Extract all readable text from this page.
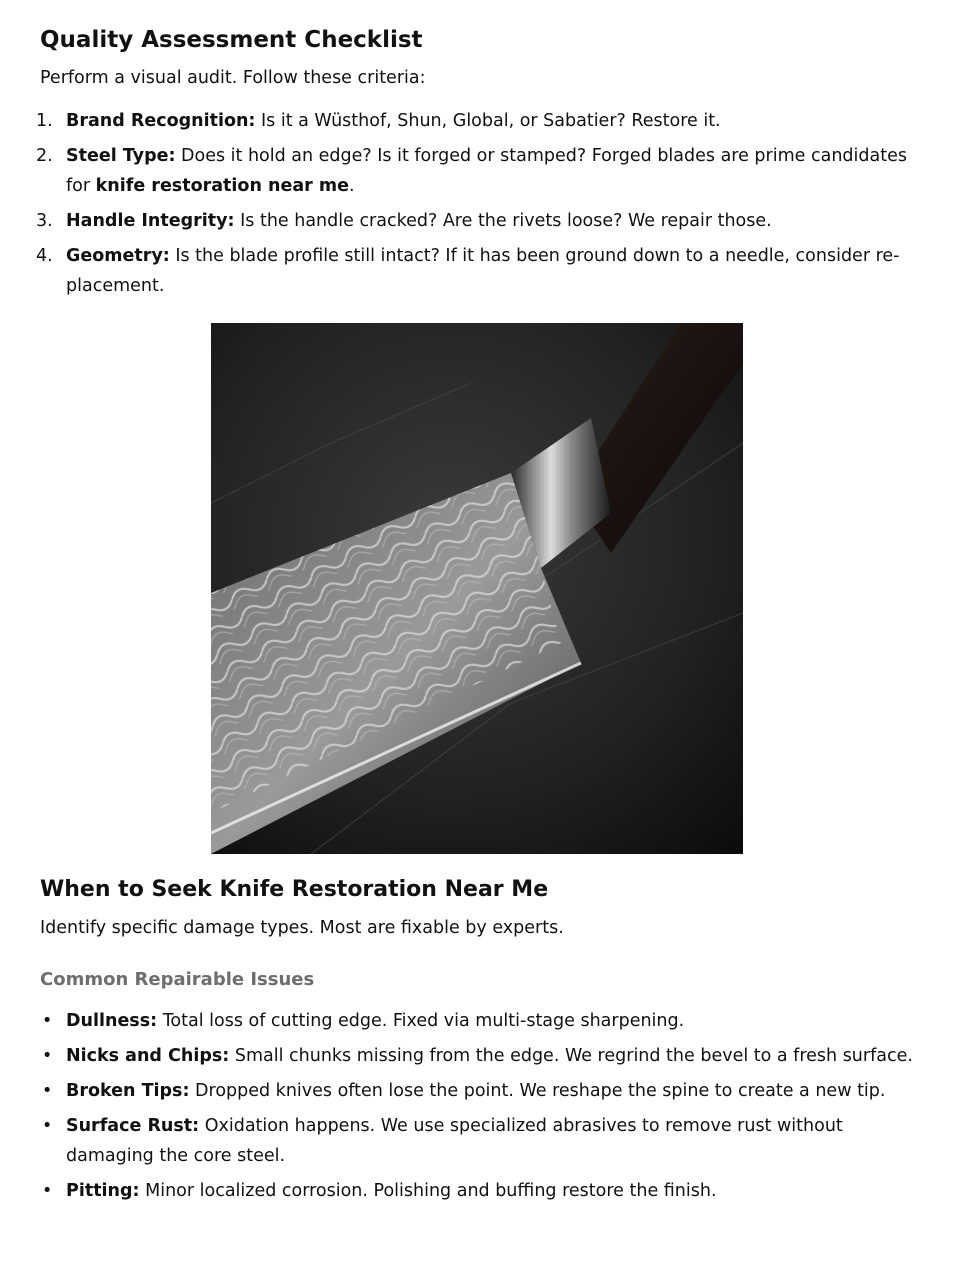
Quality Assessment Checklist

Perform a visual audit. Follow these criteria:

1. Brand Recognition: Is it a Wüsthof, Shun, Global, or Sabatier? Restore it.
2. Steel Type: Does it hold an edge? Is it forged or stamped? Forged blades are prime candidates for knife restoration near me.
3. Handle Integrity: Is the handle cracked? Are the rivets loose? We repair those.
4. Geometry: Is the blade profile still intact? If it has been ground down to a needle, consider re-placement.
When to Seek Knife Restoration Near Me

Identify specific damage types. Most are fixable by experts.

Common Repairable Issues
• Dullness: Total loss of cutting edge. Fixed via multi-stage sharpening.
• Nicks and Chips: Small chunks missing from the edge. We regrind the bevel to a fresh surface.
• Broken Tips: Dropped knives often lose the point. We reshape the spine to create a new tip.
• Surface Rust: Oxidation happens. We use specialized abrasives to remove rust without damaging the core steel.
• Pitting: Minor localized corrosion. Polishing and buffing restore the finish.
